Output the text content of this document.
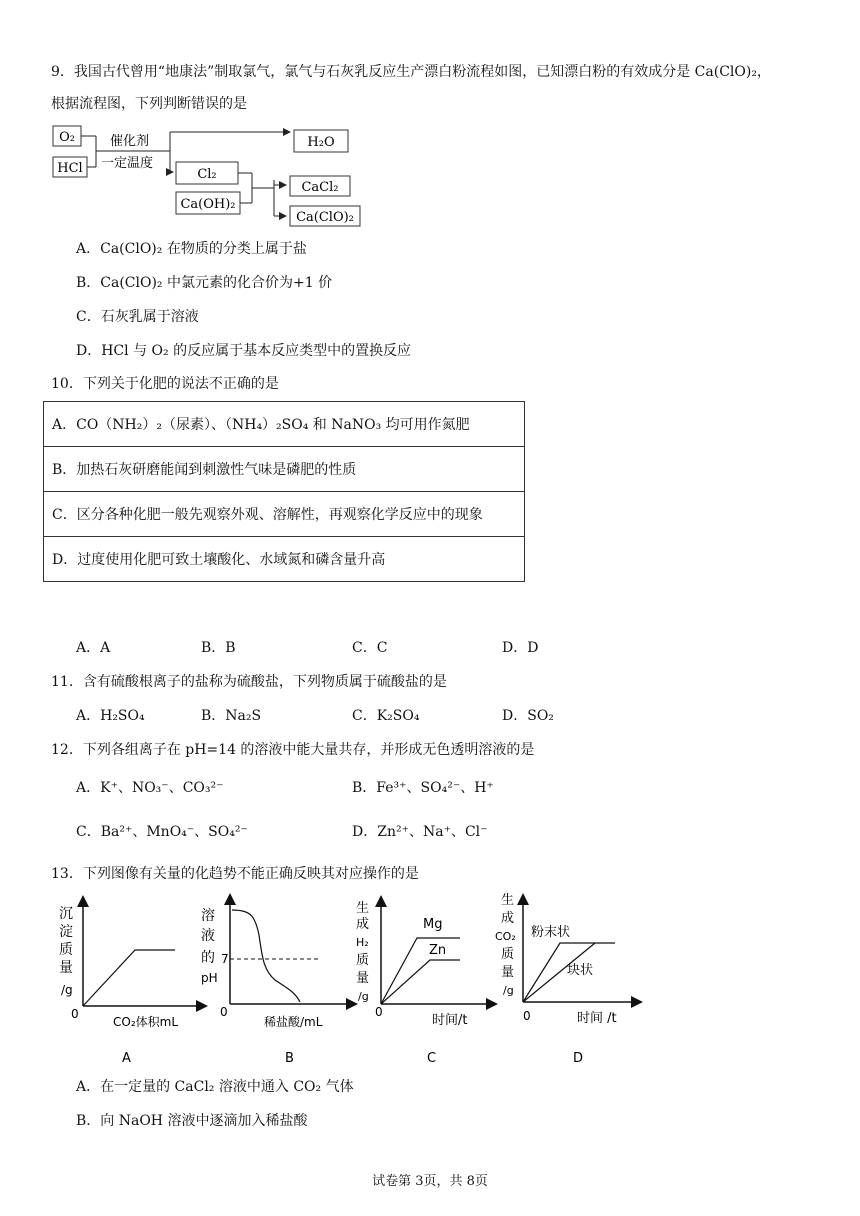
9．我国古代曾用“地康法”制取氯气，氯气与石灰乳反应生产漂白粉流程如图，已知漂白粉的有效成分是 Ca(ClO)₂，
根据流程图，下列判断错误的是
O₂
HCl
催化剂
一定温度
H₂O
Cl₂
Ca(OH)₂
CaCl₂
Ca(ClO)₂
A．Ca(ClO)₂ 在物质的分类上属于盐
B．Ca(ClO)₂ 中氯元素的化合价为+1 价
C．石灰乳属于溶液
D．HCl 与 O₂ 的反应属于基本反应类型中的置换反应
10．下列关于化肥的说法不正确的是
A．CO（NH₂）₂（尿素）、（NH₄）₂SO₄ 和 NaNO₃ 均可用作氮肥
B．加热石灰研磨能闻到刺激性气味是磷肥的性质
C．区分各种化肥一般先观察外观、溶解性，再观察化学反应中的现象
D．过度使用化肥可致土壤酸化、水域氮和磷含量升高
A．A	B．B	C．C	D．D
11．含有硫酸根离子的盐称为硫酸盐，下列物质属于硫酸盐的是
A．H₂SO₄	B．Na₂S	C．K₂SO₄	D．SO₂
12．下列各组离子在 pH=14 的溶液中能大量共存，并形成无色透明溶液的是
A．K⁺、NO₃⁻、CO₃²⁻	B．Fe³⁺、SO₄²⁻、H⁺
C．Ba²⁺、MnO₄⁻、SO₄²⁻	D．Zn²⁺、Na⁺、Cl⁻
13．下列图像有关量的化趋势不能正确反映其对应操作的是
沉
淀
质
量
/g
0
CO₂体积mL
A
溶
液
的
pH
7
0
稀盐酸/mL
B
Mg
Zn
生
成
H₂
质
量
/g
0
时间/t
C
粉末状
块状
生
成
CO₂
质
量
/g
0	时间 /t
D
A．在一定量的 CaCl₂ 溶液中通入 CO₂ 气体
B．向 NaOH 溶液中逐滴加入稀盐酸
试卷第 3页，共 8页
